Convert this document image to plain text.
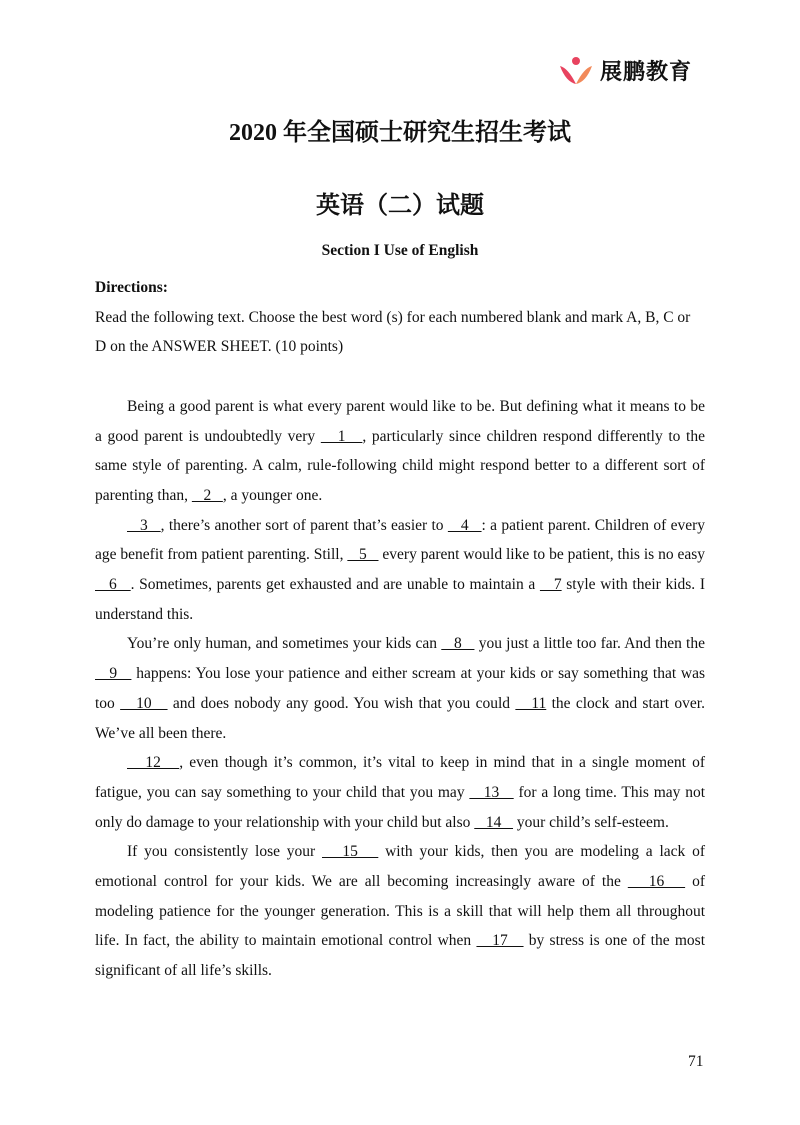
展鹏教育
2020 年全国硕士研究生招生考试
英语（二）试题
Section I Use of English
Directions:
Read the following text. Choose the best word (s) for each numbered blank and mark A, B, C or D on the ANSWER SHEET. (10 points)

Being a good parent is what every parent would like to be. But defining what it means to be a good parent is undoubtedly very    1   , particularly since children respond differently to the same style of parenting. A calm, rule-following child might respond better to a different sort of parenting than,    2   , a younger one.

3   , there’s another sort of parent that’s easier to    4   : a patient parent. Children of every age benefit from patient parenting. Still,    5    every parent would like to be patient, this is no easy    6   . Sometimes, parents get exhausted and are unable to maintain a    7 style with their kids. I understand this.

You’re only human, and sometimes your kids can    8    you just a little too far. And then the    9    happens: You lose your patience and either scream at your kids or say something that was too    10    and does nobody any good. You wish that you could    11 the clock and start over. We’ve all been there.

12   , even though it’s common, it’s vital to keep in mind that in a single moment of fatigue, you can say something to your child that you may    13    for a long time. This may not only do damage to your relationship with your child but also    14    your child’s self-esteem.

If you consistently lose your    15    with your kids, then you are modeling a lack of emotional control for your kids. We are all becoming increasingly aware of the    16    of modeling patience for the younger generation. This is a skill that will help them all throughout life. In fact, the ability to maintain emotional control when    17    by stress is one of the most significant of all life’s skills.

71
